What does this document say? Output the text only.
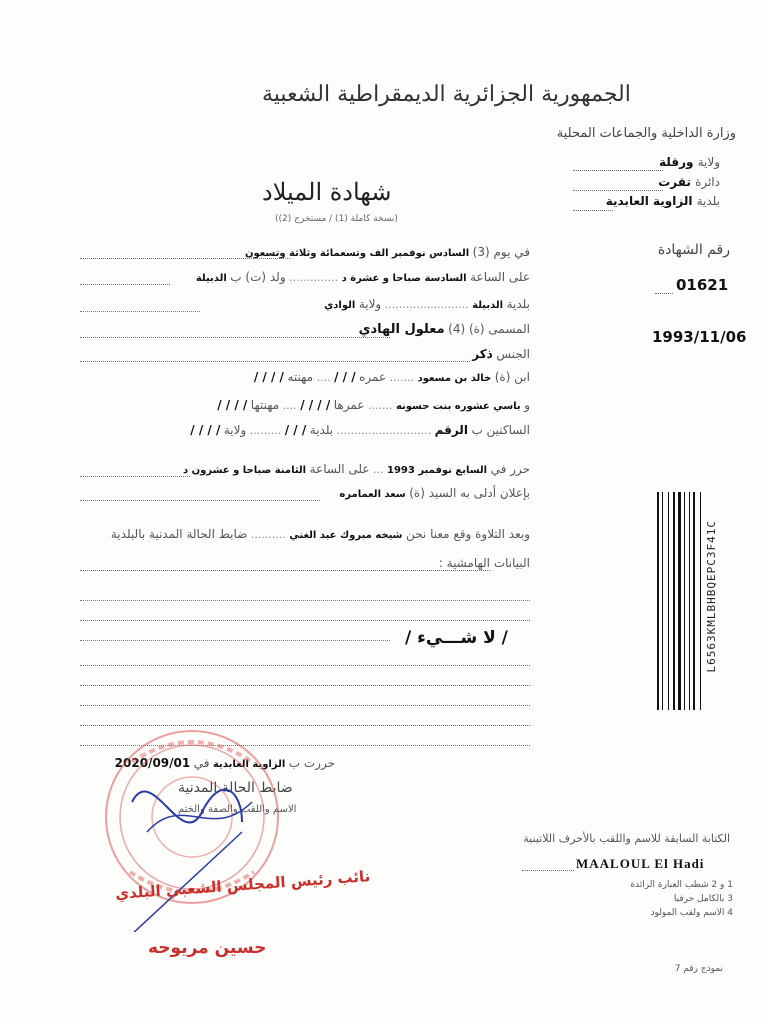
الجمهورية الجزائرية الديمقراطية الشعبية
وزارة الداخلية والجماعات المحلية
ولاية ورقلة
دائرة تقرت
بلدية الزاوية العابدية
شهادة الميلاد
(نسخة كاملة (1) / مستخرج (2))
رقم الشهادة
01621
1993/11/06
في يوم (3) السادس نوفمبر الف وتسعمائة وثلاثة وتسعون
على الساعة السادسة صباحا و عشرة د .............. ولد (ت) ب الدبيلة
بلدية الدبيلة ........................ ولاية الوادي
المسمى (ة) (4) معلول الهادي
الجنس ذكر
ابن (ة) خالد بن مسعود ....... عمره / / / .... مهنته / / / /
و باسي عشوره بنت حسونه ....... عمرها / / / / .... مهنتها / / / /
الساكنين ب الرقم ........................... بلدية / / / ......... ولاية / / / /
حرر في السابع نوفمبر 1993 ... على الساعة الثامنة صباحا و عشرون د
بإعلان أدلى به السيد (ة) سعد العمامره
وبعد التلاوة وقع معنا نحن شيخه مبروك عبد الغني .......... ضابط الحالة المدنية بالبلدية
البيانات الهامشية :
/ لا شـــيء /
حررت ب الزاوية العابدية في 2020/09/01
ضابط الحالة المدنية
الاسم واللقب والصفة والختم
الكتابة السابقة للاسم واللقب بالأحرف اللاتينية
MAALOUL El Hadi
1 و 2 شطب العبارة الزائدة
3 بالكامل حرفيا
4 الاسم ولقب المولود
نموذج رقم 7
L6563KMLBHBQEPC3F41C
نائب رئيس المجلس الشعبي البلدي
حسين مريوحه
